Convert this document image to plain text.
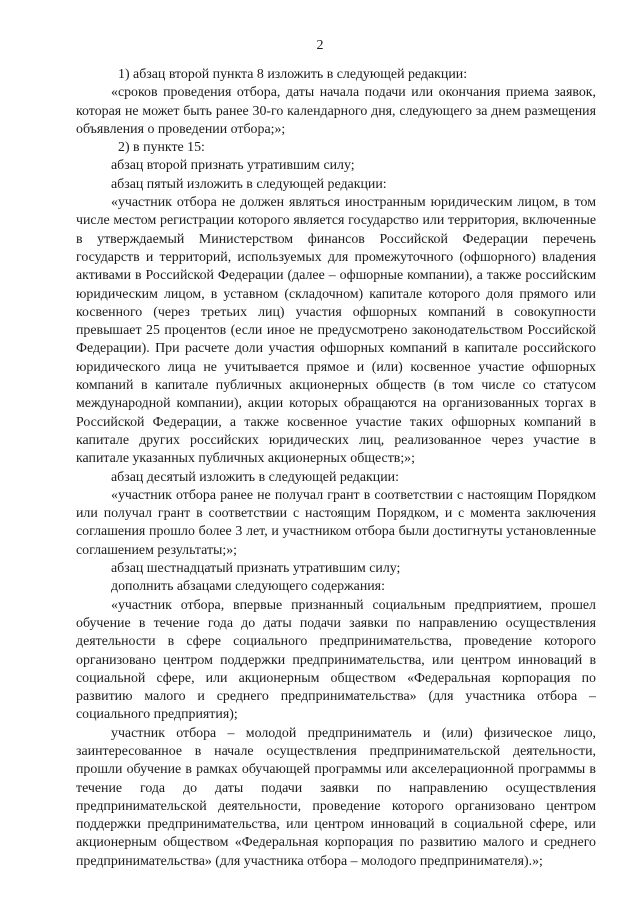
2

1) абзац второй пункта 8 изложить в следующей редакции:

«сроков проведения отбора, даты начала подачи или окончания приема заявок, которая не может быть ранее 30-го календарного дня, следующего за днем размещения объявления о проведении отбора;»;

2) в пункте 15:

абзац второй признать утратившим силу;

абзац пятый изложить в следующей редакции:

«участник отбора не должен являться иностранным юридическим лицом, в том числе местом регистрации которого является государство или территория, включенные в утверждаемый Министерством финансов Российской Федерации перечень государств и территорий, используемых для промежуточного (офшорного) владения активами в Российской Федерации (далее – офшорные компании), а также российским юридическим лицом, в уставном (складочном) капитале которого доля прямого или косвенного (через третьих лиц) участия офшорных компаний в совокупности превышает 25 процентов (если иное не предусмотрено законодательством Российской Федерации). При расчете доли участия офшорных компаний в капитале российского юридического лица не учитывается прямое и (или) косвенное участие офшорных компаний в капитале публичных акционерных обществ (в том числе со статусом международной компании), акции которых обращаются на организованных торгах в Российской Федерации, а также косвенное участие таких офшорных компаний в капитале других российских юридических лиц, реализованное через участие в капитале указанных публичных акционерных обществ;»;

абзац десятый изложить в следующей редакции:

«участник отбора ранее не получал грант в соответствии с настоящим Порядком или получал грант в соответствии с настоящим Порядком, и с момента заключения соглашения прошло более 3 лет, и участником отбора были достигнуты установленные соглашением результаты;»;

абзац шестнадцатый признать утратившим силу;

дополнить абзацами следующего содержания:

«участник отбора, впервые признанный социальным предприятием, прошел обучение в течение года до даты подачи заявки по направлению осуществления деятельности в сфере социального предпринимательства, проведение которого организовано центром поддержки предпринимательства, или центром инноваций в социальной сфере, или акционерным обществом «Федеральная корпорация по развитию малого и среднего предпринимательства» (для участника отбора – социального предприятия);

участник отбора – молодой предприниматель и (или) физическое лицо, заинтересованное в начале осуществления предпринимательской деятельности, прошли обучение в рамках обучающей программы или акселерационной программы в течение года до даты подачи заявки по направлению осуществления предпринимательской деятельности, проведение которого организовано центром поддержки предпринимательства, или центром инноваций в социальной сфере, или акционерным обществом «Федеральная корпорация по развитию малого и среднего предпринимательства» (для участника отбора – молодого предпринимателя).»;
